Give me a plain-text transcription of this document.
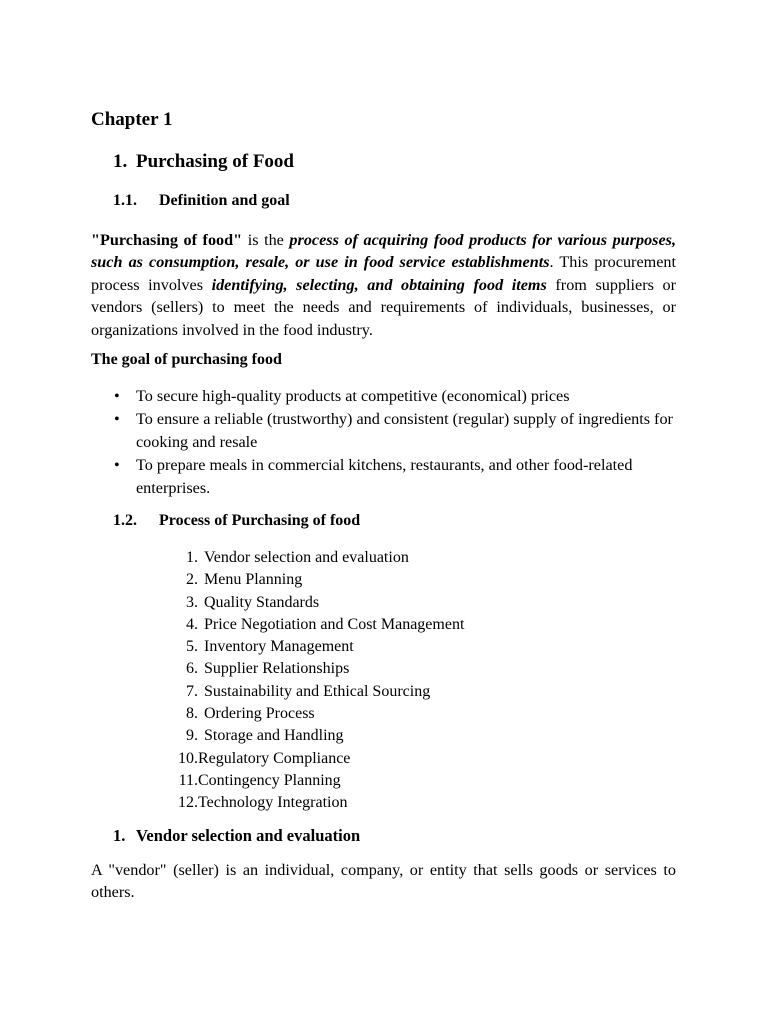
Chapter 1
1. Purchasing of Food
1.1. Definition and goal

"Purchasing of food" is the process of acquiring food products for various purposes, such as consumption, resale, or use in food service establishments. This procurement process involves identifying, selecting, and obtaining food items from suppliers or vendors (sellers) to meet the needs and requirements of individuals, businesses, or organizations involved in the food industry.

The goal of purchasing food

• To secure high-quality products at competitive (economical) prices

• To ensure a reliable (trustworthy) and consistent (regular) supply of ingredients for cooking and resale

• To prepare meals in commercial kitchens, restaurants, and other food-related enterprises.

1.2. Process of Purchasing of food
1. Vendor selection and evaluation
2. Menu Planning
3. Quality Standards
4. Price Negotiation and Cost Management
5. Inventory Management
6. Supplier Relationships
7. Sustainability and Ethical Sourcing
8. Ordering Process
9. Storage and Handling
10.Regulatory Compliance
11.Contingency Planning
12.Technology Integration
1. Vendor selection and evaluation

A "vendor" (seller) is an individual, company, or entity that sells goods or services to others.
